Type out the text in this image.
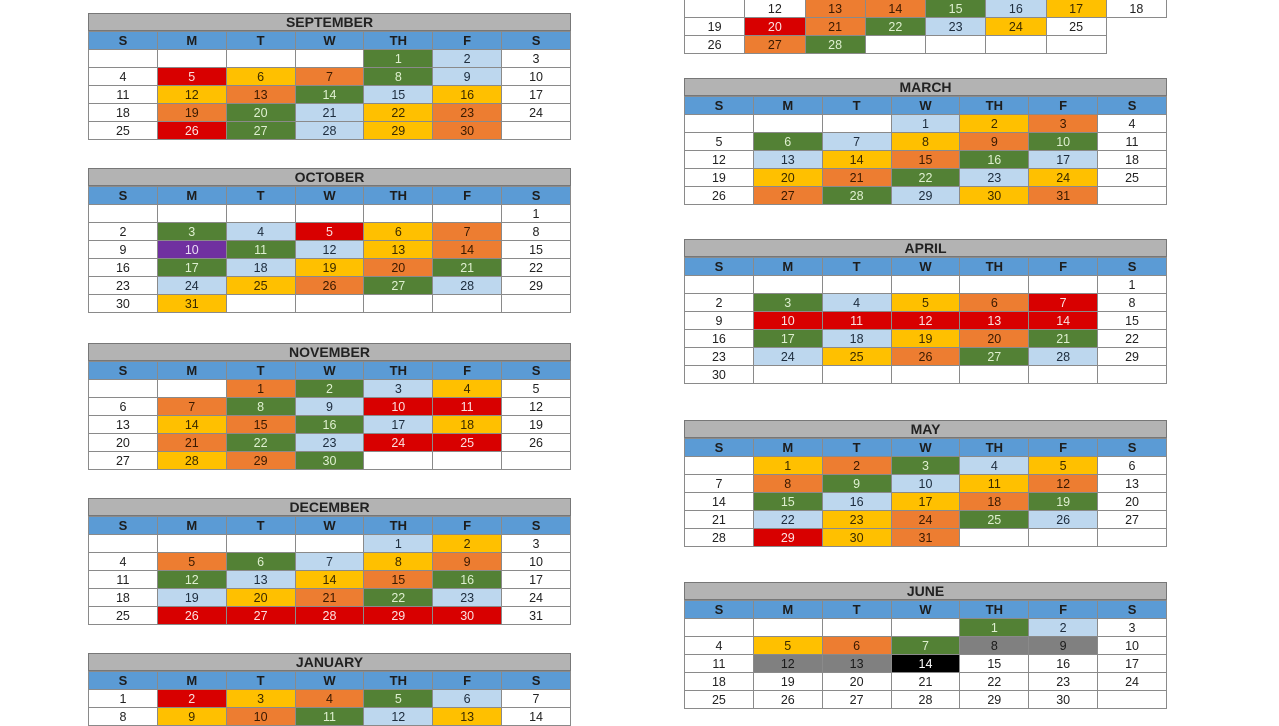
	12	13	14	15	16	17	18
19	20	21	22	23	24	25	
26	27	28					
SEPTEMBER
S	M	T	W	TH	F	S
				1	2	3
4	5	6	7	8	9	10
11	12	13	14	15	16	17
18	19	20	21	22	23	24
25	26	27	28	29	30	
OCTOBER
S	M	T	W	TH	F	S
						1
2	3	4	5	6	7	8
9	10	11	12	13	14	15
16	17	18	19	20	21	22
23	24	25	26	27	28	29
30	31					
NOVEMBER
S	M	T	W	TH	F	S
		1	2	3	4	5
6	7	8	9	10	11	12
13	14	15	16	17	18	19
20	21	22	23	24	25	26
27	28	29	30			
DECEMBER
S	M	T	W	TH	F	S
				1	2	3
4	5	6	7	8	9	10
11	12	13	14	15	16	17
18	19	20	21	22	23	24
25	26	27	28	29	30	31
JANUARY
S	M	T	W	TH	F	S
1	2	3	4	5	6	7
8	9	10	11	12	13	14
MARCH
S	M	T	W	TH	F	S
			1	2	3	4
5	6	7	8	9	10	11
12	13	14	15	16	17	18
19	20	21	22	23	24	25
26	27	28	29	30	31	
APRIL
S	M	T	W	TH	F	S
						1
2	3	4	5	6	7	8
9	10	11	12	13	14	15
16	17	18	19	20	21	22
23	24	25	26	27	28	29
30						
MAY
S	M	T	W	TH	F	S
	1	2	3	4	5	6
7	8	9	10	11	12	13
14	15	16	17	18	19	20
21	22	23	24	25	26	27
28	29	30	31			
JUNE
S	M	T	W	TH	F	S
				1	2	3
4	5	6	7	8	9	10
11	12	13	14	15	16	17
18	19	20	21	22	23	24
25	26	27	28	29	30	
